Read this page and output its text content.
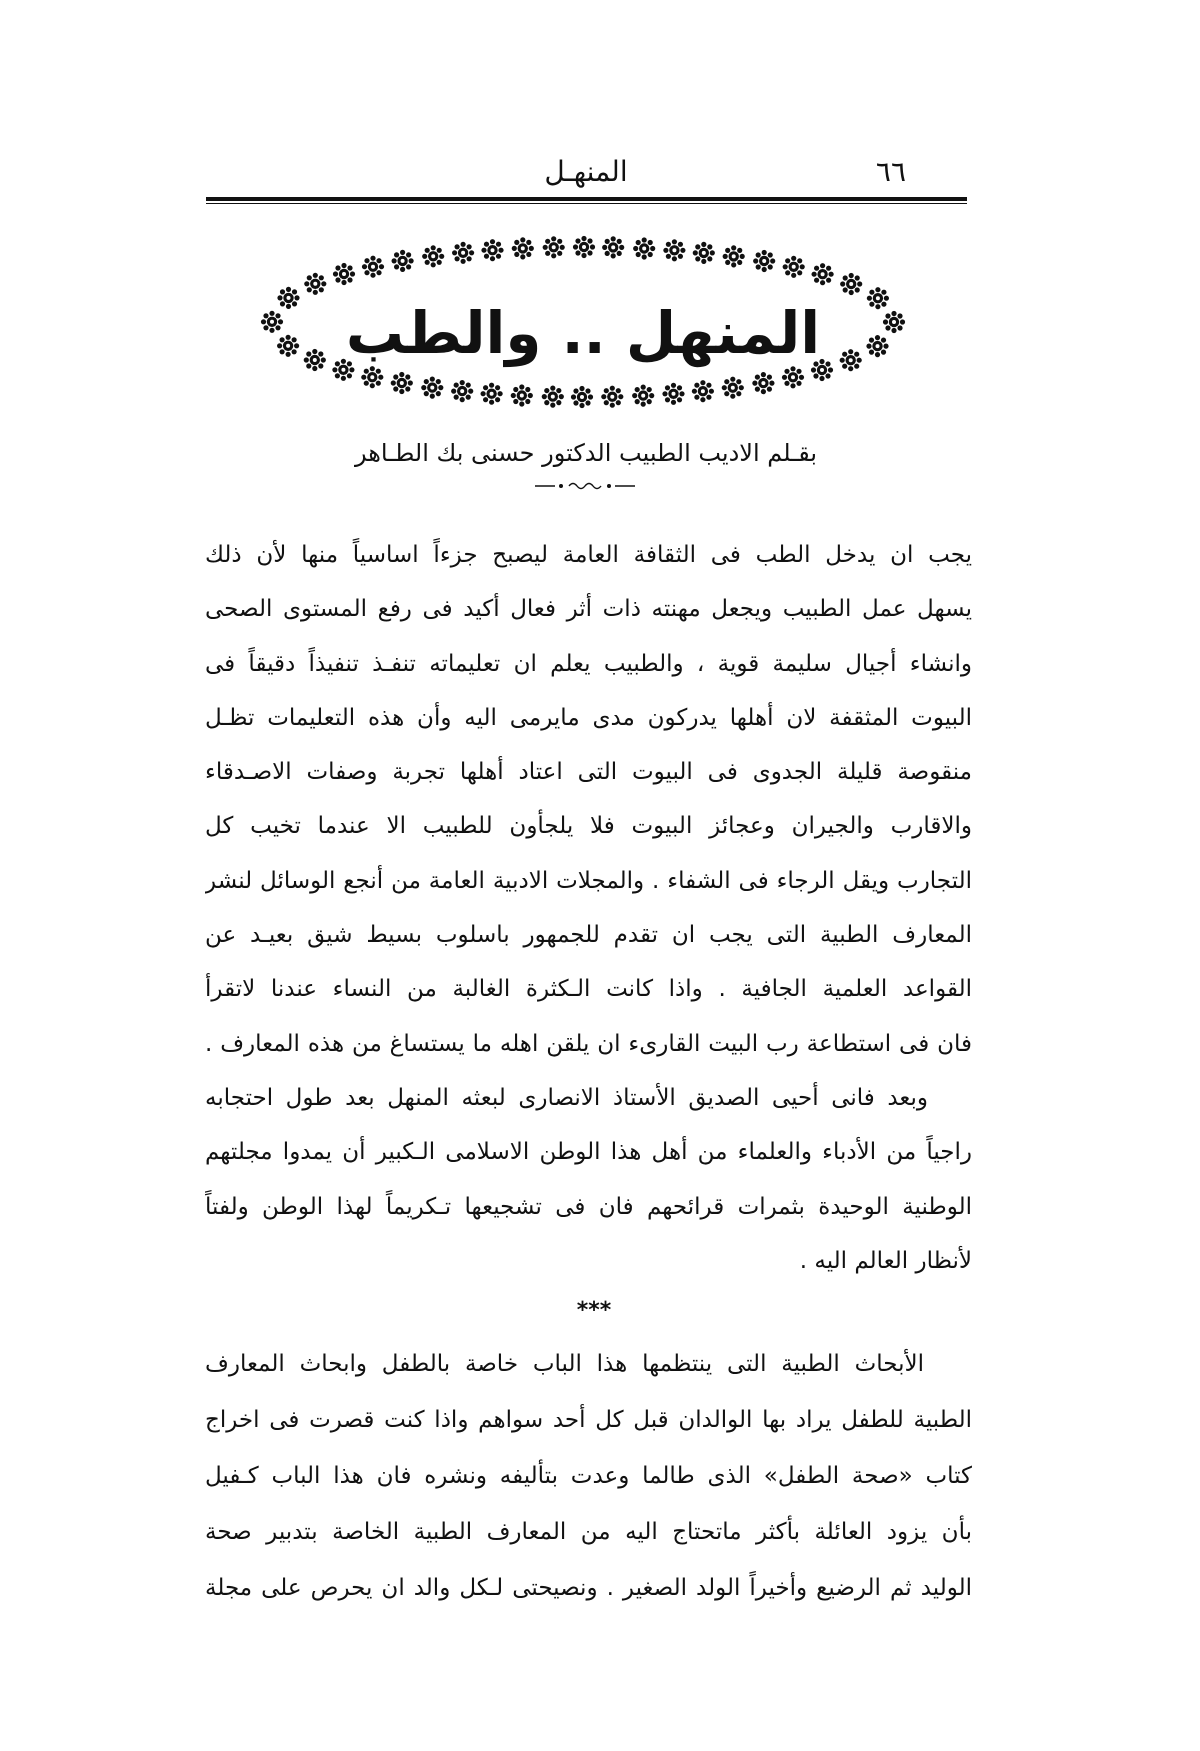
٦٦
المنهـل
المنهل .. والطب
بقـلم الاديب الطبيب الدكتور حسنى بك الطـاهر
يجب ان يدخل الطب فى الثقافة العامة ليصبح جزءاً اساسياً منها لأن ذلك
يسهل عمل الطبيب ويجعل مهنته ذات أثر فعال أكيد فى رفع المستوى الصحى
وانشاء أجيال سليمة قوية ، والطبيب يعلم ان تعليماته تنفـذ تنفيذاً دقيقاً فى
البيوت المثقفة لان أهلها يدركون مدى مايرمى اليه وأن هذه التعليمات تظـل
منقوصة قليلة الجدوى فى البيوت التى اعتاد أهلها تجربة وصفات الاصـدقاء
والاقارب والجيران وعجائز البيوت فلا يلجأون للطبيب الا عندما تخيب كل
التجارب ويقل الرجاء فى الشفاء . والمجلات الادبية العامة من أنجع الوسائل لنشر
المعارف الطبية التى يجب ان تقدم للجمهور باسلوب بسيط شيق بعيـد عن
القواعد العلمية الجافية . واذا كانت الـكثرة الغالبة من النساء عندنا لاتقرأ
فان فى استطاعة رب البيت القارىء ان يلقن اهله ما يستساغ من هذه المعارف .
وبعد فانى أحيى الصديق الأستاذ الانصارى لبعثه المنهل بعد طول احتجابه
راجياً من الأدباء والعلماء من أهل هذا الوطن الاسلامى الـكبير أن يمدوا مجلتهم
الوطنية الوحيدة بثمرات قرائحهم فان فى تشجيعها تـكريماً لهذا الوطن ولفتاً
لأنظار العالم اليه .
***
الأبحاث الطبية التى ينتظمها هذا الباب خاصة بالطفل وابحاث المعارف
الطبية للطفل يراد بها الوالدان قبل كل أحد سواهم واذا كنت قصرت فى اخراج
كتاب «صحة الطفل» الذى طالما وعدت بتأليفه ونشره فان هذا الباب كـفيل
بأن يزود العائلة بأكثر ماتحتاج اليه من المعارف الطبية الخاصة بتدبير صحة
الوليد ثم الرضيع وأخيراً الولد الصغير . ونصيحتى لـكل والد ان يحرص على مجلة
